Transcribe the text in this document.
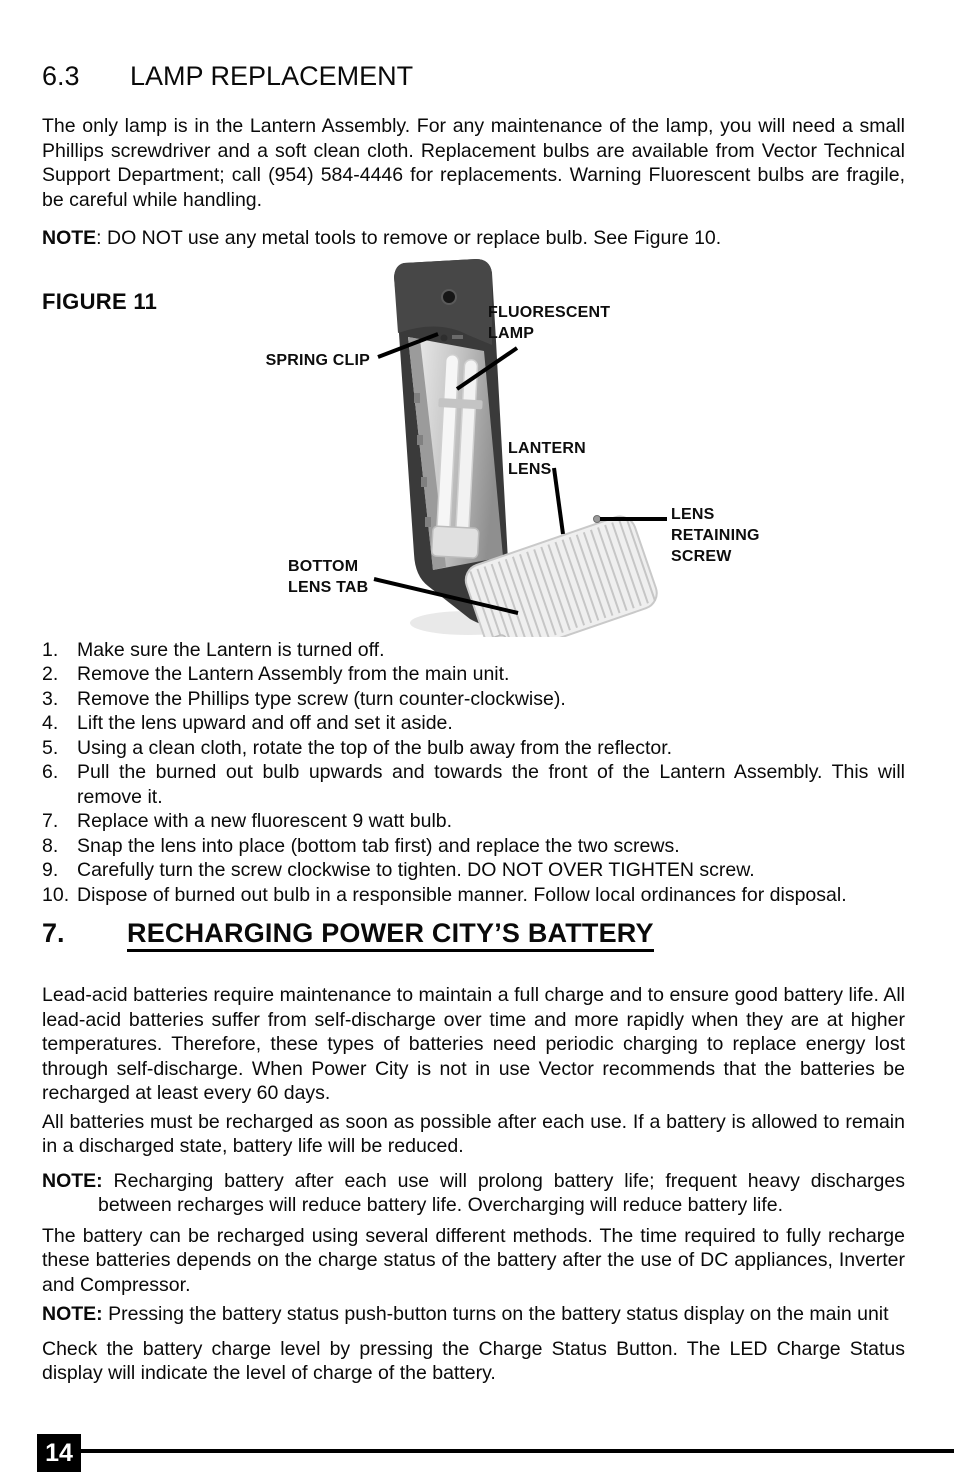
6.3 LAMP REPLACEMENT

The only lamp is in the Lantern Assembly. For any maintenance of the lamp, you will need a small Phillips screwdriver and a soft clean cloth. Replacement bulbs are available from Vector Technical Support Department; call (954) 584-4446 for replacements. Warning Fluorescent bulbs are fragile, be careful while handling.

NOTE: DO NOT use any metal tools to remove or replace bulb. See Figure 10.
FIGURE 11
SPRING CLIP
FLUORESCENT
LAMP
LANTERN
LENS
LENS
RETAINING
SCREW
BOTTOM
LENS TAB
1. Make sure the Lantern is turned off.
2. Remove the Lantern Assembly from the main unit.
3. Remove the Phillips type screw (turn counter-clockwise).
4. Lift the lens upward and off and set it aside.
5. Using a clean cloth, rotate the top of the bulb away from the reflector.
6. Pull the burned out bulb upwards and towards the front of the Lantern Assembly. This will remove it.
7. Replace with a new fluorescent 9 watt bulb.
8. Snap the lens into place (bottom tab first) and replace the two screws.
9. Carefully turn the screw clockwise to tighten. DO NOT OVER TIGHTEN screw.
10. Dispose of burned out bulb in a responsible manner. Follow local ordinances for disposal.
7. RECHARGING POWER CITY’S BATTERY

Lead-acid batteries require maintenance to maintain a full charge and to ensure good battery life. All lead-acid batteries suffer from self-discharge over time and more rapidly when they are at higher temperatures. Therefore, these types of batteries need periodic charging to replace energy lost through self-discharge. When Power City is not in use Vector recommends that the batteries be recharged at least every 60 days.

All batteries must be recharged as soon as possible after each use. If a battery is allowed to remain in a discharged state, battery life will be reduced.

NOTE: Recharging battery after each use will prolong battery life; frequent heavy discharges between recharges will reduce battery life. Overcharging will reduce battery life.

The battery can be recharged using several different methods. The time required to fully recharge these batteries depends on the charge status of the battery after the use of DC appliances, Inverter and Compressor.

NOTE: Pressing the battery status push-button turns on the battery status display on the main unit

Check the battery charge level by pressing the Charge Status Button. The LED Charge Status display will indicate the level of charge of the battery.

14
